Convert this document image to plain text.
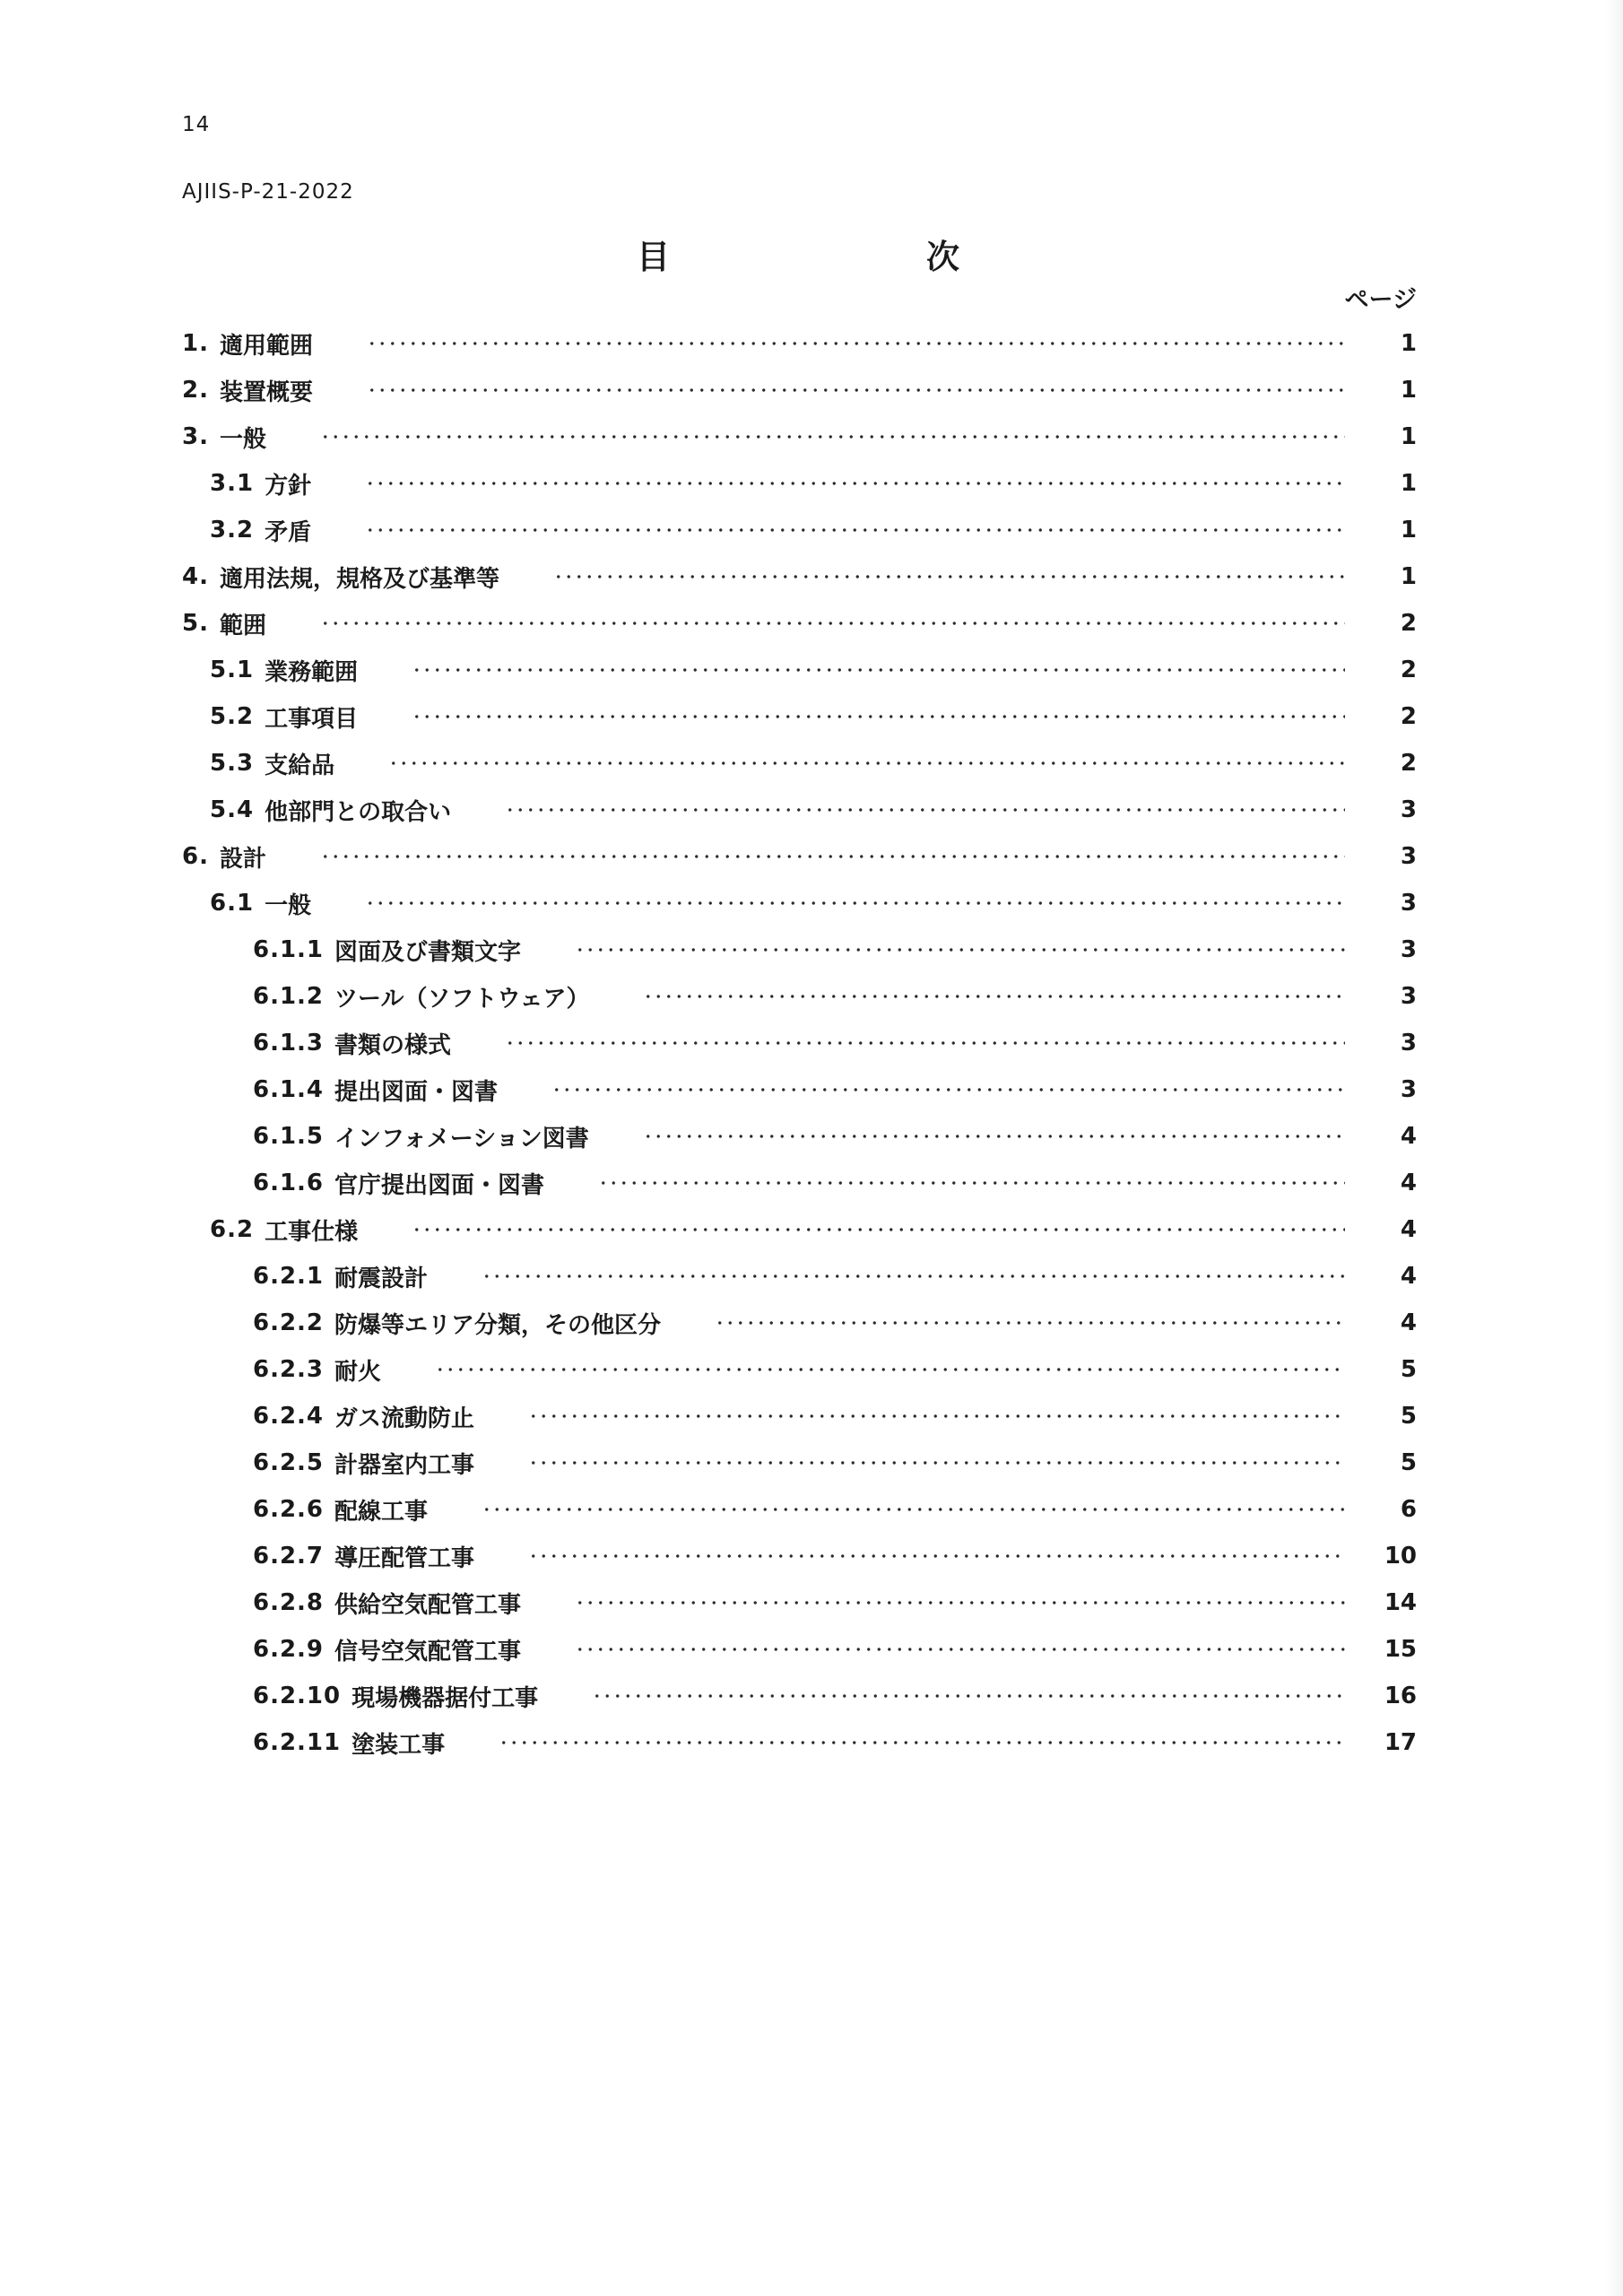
14
AJIIS-P-21-2022
目	次
ページ
1. 適用範囲	1
2. 装置概要	1
3. 一般	1
3.1 方針	1
3.2 矛盾	1
4. 適用法規，規格及び基準等	1
5. 範囲	2
5.1 業務範囲	2
5.2 工事項目	2
5.3 支給品	2
5.4 他部門との取合い	3
6. 設計	3
6.1 一般	3
6.1.1 図面及び書類文字	3
6.1.2 ツール（ソフトウェア）	3
6.1.3 書類の様式	3
6.1.4 提出図面・図書	3
6.1.5 インフォメーション図書	4
6.1.6 官庁提出図面・図書	4
6.2 工事仕様	4
6.2.1 耐震設計	4
6.2.2 防爆等エリア分類，その他区分	4
6.2.3 耐火	5
6.2.4 ガス流動防止	5
6.2.5 計器室内工事	5
6.2.6 配線工事	6
6.2.7 導圧配管工事	10
6.2.8 供給空気配管工事	14
6.2.9 信号空気配管工事	15
6.2.10 現場機器据付工事	16
6.2.11 塗装工事	17
